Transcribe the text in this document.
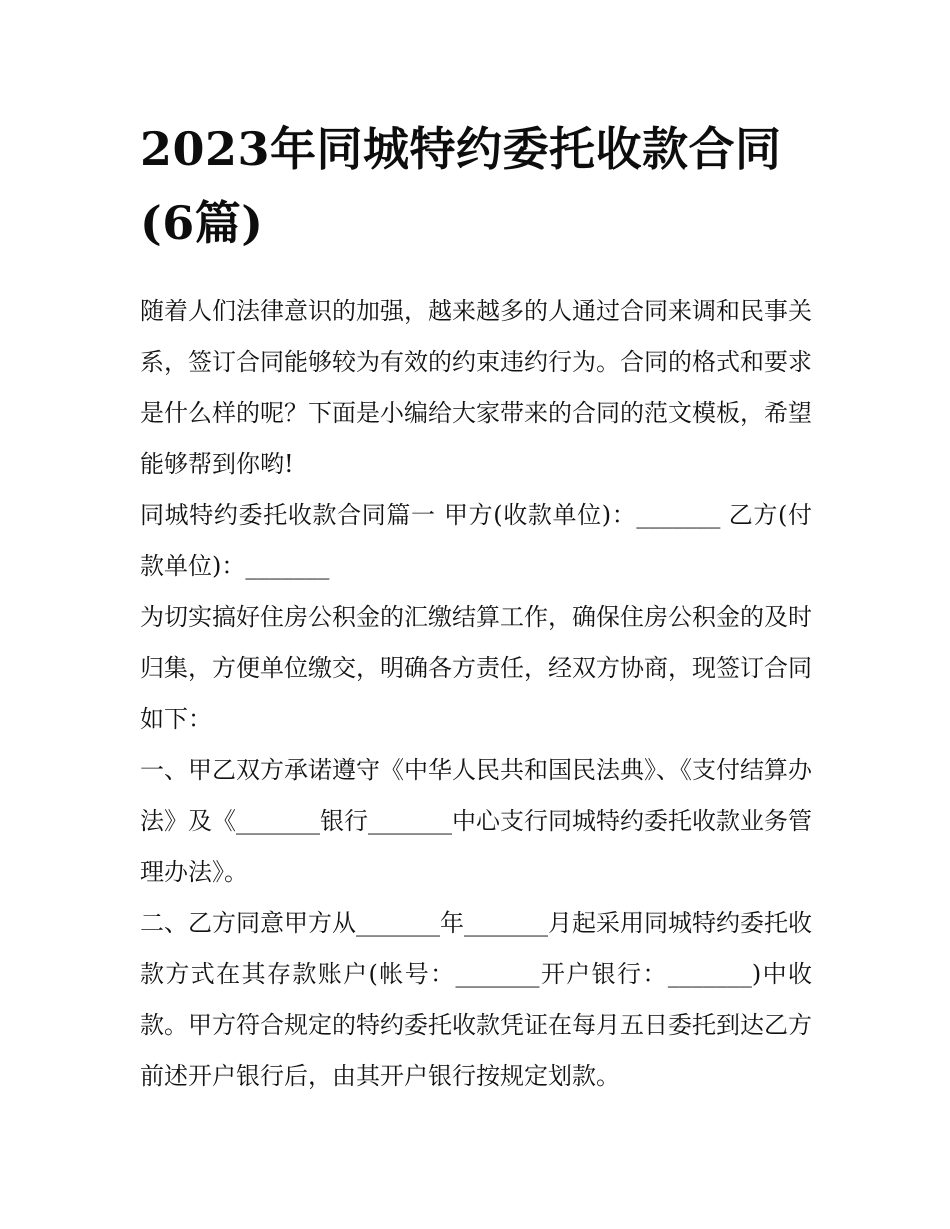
2023年同城特约委托收款合同(6篇)

随着人们法律意识的加强，越来越多的人通过合同来调和民事关系，签订合同能够较为有效的约束违约行为。合同的格式和要求是什么样的呢？下面是小编给大家带来的合同的范文模板，希望能够帮到你哟!

同城特约委托收款合同篇一 甲方(收款单位)：_______ 乙方(付款单位)：_______

为切实搞好住房公积金的汇缴结算工作，确保住房公积金的及时归集，方便单位缴交，明确各方责任，经双方协商，现签订合同如下：

一、甲乙双方承诺遵守《中华人民共和国民法典》、《支付结算办法》及《_______银行_______中心支行同城特约委托收款业务管理办法》。

二、乙方同意甲方从_______年_______月起采用同城特约委托收款方式在其存款账户(帐号：_______开户银行：_______)中收款。甲方符合规定的特约委托收款凭证在每月五日委托到达乙方前述开户银行后，由其开户银行按规定划款。
